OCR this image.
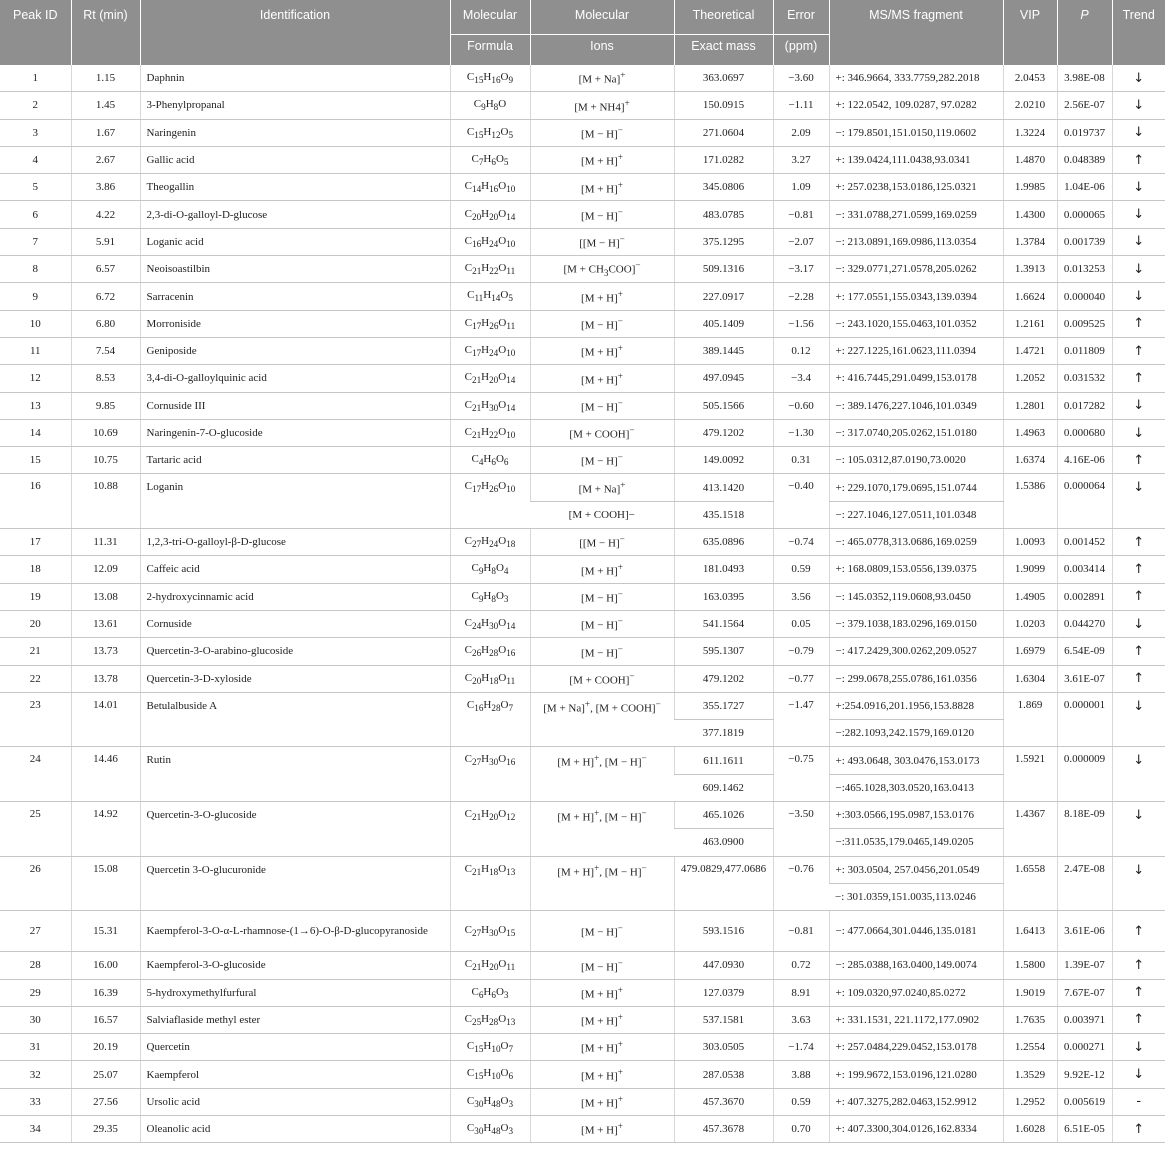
Peak ID	Rt (min)	Identification	Molecular	Molecular	Theoretical	Error	MS/MS fragment	VIP	P	Trend
			Formula	Ions	Exact mass	(ppm)				
1	1.15	Daphnin	$C_{15}H_{16}O_9$	[M + Na]+	363.0697	−3.60	+: 346.9664, 333.7759,282.2018	2.0453	3.98E-08	↓
2	1.45	3-Phenylpropanal	$C_9H_8O$	[M + NH4]+	150.0915	−1.11	+: 122.0542, 109.0287, 97.0282	2.0210	2.56E-07	↓
3	1.67	Naringenin	$C_{15}H_{12}O_5$	[M − H]−	271.0604	2.09	−: 179.8501,151.0150,119.0602	1.3224	0.019737	↓
4	2.67	Gallic acid	$C_7H_6O_5$	[M + H]+	171.0282	3.27	+: 139.0424,111.0438,93.0341	1.4870	0.048389	↑
5	3.86	Theogallin	$C_{14}H_{16}O_{10}$	[M + H]+	345.0806	1.09	+: 257.0238,153.0186,125.0321	1.9985	1.04E-06	↓
6	4.22	2,3-di-O-galloyl-D-glucose	$C_{20}H_{20}O_{14}$	[M − H]−	483.0785	−0.81	−: 331.0788,271.0599,169.0259	1.4300	0.000065	↓
7	5.91	Loganic acid	$C_{16}H_{24}O_{10}$	[[M − H]−	375.1295	−2.07	−: 213.0891,169.0986,113.0354	1.3784	0.001739	↓
8	6.57	Neoisoastilbin	$C_{21}H_{22}O_{11}$	$[M + CH_3COO]^-$	509.1316	−3.17	−: 329.0771,271.0578,205.0262	1.3913	0.013253	↓
9	6.72	Sarracenin	$C_{11}H_{14}O_5$	[M + H]+	227.0917	−2.28	+: 177.0551,155.0343,139.0394	1.6624	0.000040	↓
10	6.80	Morroniside	$C_{17}H_{26}O_{11}$	[M − H]−	405.1409	−1.56	−: 243.1020,155.0463,101.0352	1.2161	0.009525	↑
11	7.54	Geniposide	$C_{17}H_{24}O_{10}$	[M + H]+	389.1445	0.12	+: 227.1225,161.0623,111.0394	1.4721	0.011809	↑
12	8.53	3,4-di-O-galloylquinic acid	$C_{21}H_{20}O_{14}$	[M + H]+	497.0945	−3.4	+: 416.7445,291.0499,153.0178	1.2052	0.031532	↑
13	9.85	Cornuside III	$C_{21}H_{30}O_{14}$	[M − H]−	505.1566	−0.60	−: 389.1476,227.1046,101.0349	1.2801	0.017282	↓
14	10.69	Naringenin-7-O-glucoside	$C_{21}H_{22}O_{10}$	[M + COOH]−	479.1202	−1.30	−: 317.0740,205.0262,151.0180	1.4963	0.000680	↓
15	10.75	Tartaric acid	$C_4H_6O_6$	[M − H]−	149.0092	0.31	−: 105.0312,87.0190,73.0020	1.6374	4.16E-06	↑
16	10.88	Loganin	$C_{17}H_{26}O_{10}$	[M + Na]+	413.1420	−0.40	+: 229.1070,179.0695,151.0744	1.5386	0.000064	↓
				[M + COOH]−	435.1518		−: 227.1046,127.0511,101.0348			
17	11.31	1,2,3-tri-O-galloyl-β-D-glucose	$C_{27}H_{24}O_{18}$	[[M − H]−	635.0896	−0.74	−: 465.0778,313.0686,169.0259	1.0093	0.001452	↑
18	12.09	Caffeic acid	$C_9H_8O_4$	[M + H]+	181.0493	0.59	+: 168.0809,153.0556,139.0375	1.9099	0.003414	↑
19	13.08	2-hydroxycinnamic acid	$C_9H_8O_3$	[M − H]−	163.0395	3.56	−: 145.0352,119.0608,93.0450	1.4905	0.002891	↑
20	13.61	Cornuside	$C_{24}H_{30}O_{14}$	[M − H]−	541.1564	0.05	−: 379.1038,183.0296,169.0150	1.0203	0.044270	↓
21	13.73	Quercetin-3-O-arabino-glucoside	$C_{26}H_{28}O_{16}$	[M − H]−	595.1307	−0.79	−: 417.2429,300.0262,209.0527	1.6979	6.54E-09	↑
22	13.78	Quercetin-3-D-xyloside	$C_{20}H_{18}O_{11}$	[M + COOH]−	479.1202	−0.77	−: 299.0678,255.0786,161.0356	1.6304	3.61E-07	↑
23	14.01	Betulalbuside A	$C_{16}H_{28}O_7$	[M + Na]+, [M + COOH]−	355.1727	−1.47	+:254.0916,201.1956,153.8828	1.869	0.000001	↓
					377.1819		−:282.1093,242.1579,169.0120			
24	14.46	Rutin	$C_{27}H_{30}O_{16}$	[M + H]+, [M − H]−	611.1611	−0.75	+: 493.0648, 303.0476,153.0173	1.5921	0.000009	↓
					609.1462		−:465.1028,303.0520,163.0413			
25	14.92	Quercetin-3-O-glucoside	$C_{21}H_{20}O_{12}$	[M + H]+, [M − H]−	465.1026	−3.50	+:303.0566,195.0987,153.0176	1.4367	8.18E-09	↓
					463.0900		−:311.0535,179.0465,149.0205			
26	15.08	Quercetin 3-O-glucuronide	$C_{21}H_{18}O_{13}$	[M + H]+, [M − H]−	479.0829,477.0686	−0.76	+: 303.0504, 257.0456,201.0549	1.6558	2.47E-08	↓
							−: 301.0359,151.0035,113.0246			
27	15.31	Kaempferol-3-O-α-L-rhamnose-(1→6)-O-β-D-glucopyranoside	$C_{27}H_{30}O_{15}$	[M − H]−	593.1516	−0.81	−: 477.0664,301.0446,135.0181	1.6413	3.61E-06	↑
28	16.00	Kaempferol-3-O-glucoside	$C_{21}H_{20}O_{11}$	[M − H]−	447.0930	0.72	−: 285.0388,163.0400,149.0074	1.5800	1.39E-07	↑
29	16.39	5-hydroxymethylfurfural	$C_6H_6O_3$	[M + H]+	127.0379	8.91	+: 109.0320,97.0240,85.0272	1.9019	7.67E-07	↑
30	16.57	Salviaflaside methyl ester	$C_{25}H_{28}O_{13}$	[M + H]+	537.1581	3.63	+: 331.1531, 221.1172,177.0902	1.7635	0.003971	↑
31	20.19	Quercetin	$C_{15}H_{10}O_7$	[M + H]+	303.0505	−1.74	+: 257.0484,229.0452,153.0178	1.2554	0.000271	↓
32	25.07	Kaempferol	$C_{15}H_{10}O_6$	[M + H]+	287.0538	3.88	+: 199.9672,153.0196,121.0280	1.3529	9.92E-12	↓
33	27.56	Ursolic acid	$C_{30}H_{48}O_3$	[M + H]+	457.3670	0.59	+: 407.3275,282.0463,152.9912	1.2952	0.005619	-
34	29.35	Oleanolic acid	$C_{30}H_{48}O_3$	[M + H]+	457.3678	0.70	+: 407.3300,304.0126,162.8334	1.6028	6.51E-05	↑
